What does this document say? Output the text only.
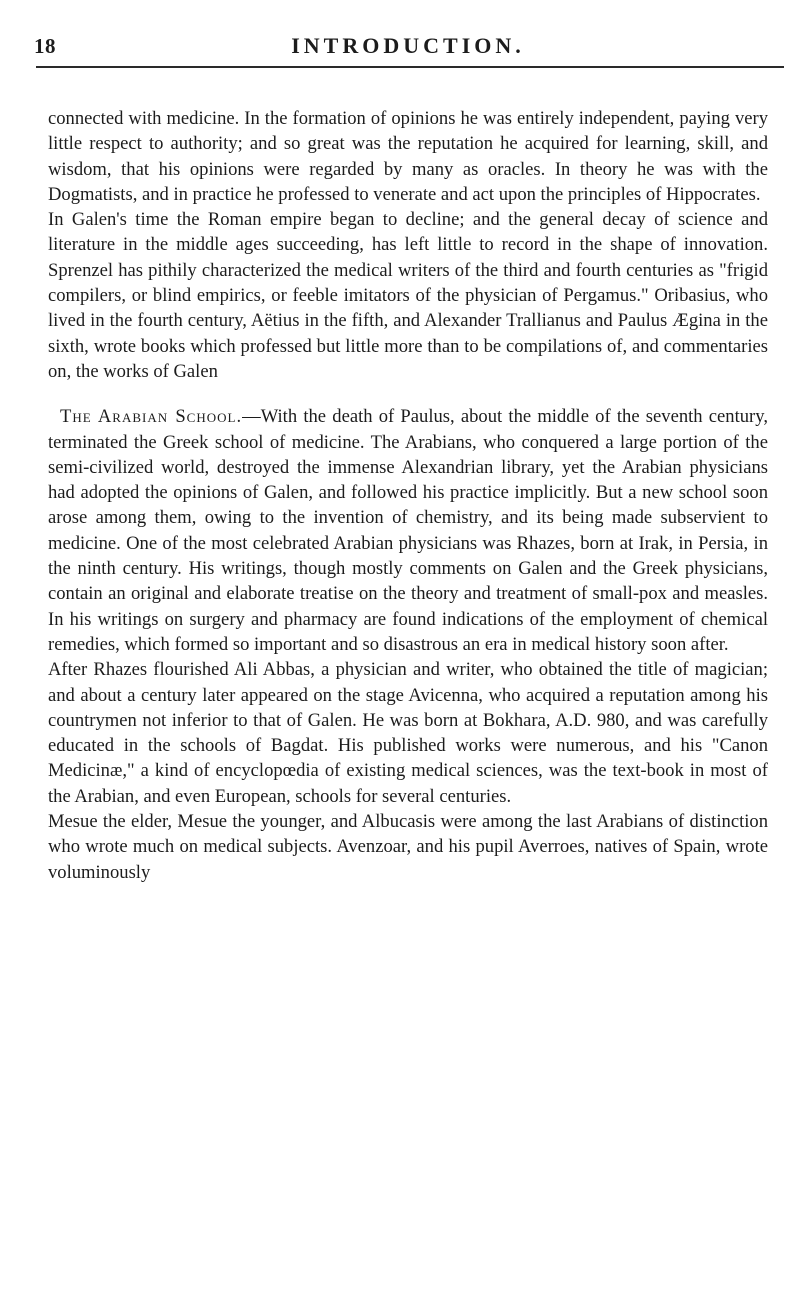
18	INTRODUCTION.

connected with medicine. In the formation of opinions he was entirely independent, paying very little respect to authority; and so great was the reputation he acquired for learning, skill, and wisdom, that his opinions were regarded by many as oracles. In theory he was with the Dogmatists, and in practice he professed to venerate and act upon the principles of Hippocrates.

In Galen's time the Roman empire began to decline; and the general decay of science and literature in the middle ages succeeding, has left little to record in the shape of innovation. Sprenzel has pithily characterized the medical writers of the third and fourth centuries as "frigid compilers, or blind empirics, or feeble imitators of the physician of Pergamus." Oribasius, who lived in the fourth century, Aëtius in the fifth, and Alexander Trallianus and Paulus Ægina in the sixth, wrote books which professed but little more than to be compilations of, and commentaries on, the works of Galen

The Arabian School.—With the death of Paulus, about the middle of the seventh century, terminated the Greek school of medicine. The Arabians, who conquered a large portion of the semi-civilized world, destroyed the immense Alexandrian library, yet the Arabian physicians had adopted the opinions of Galen, and followed his practice implicitly. But a new school soon arose among them, owing to the invention of chemistry, and its being made subservient to medicine. One of the most celebrated Arabian physicians was Rhazes, born at Irak, in Persia, in the ninth century. His writings, though mostly comments on Galen and the Greek physicians, contain an original and elaborate treatise on the theory and treatment of small-pox and measles. In his writings on surgery and pharmacy are found indications of the employment of chemical remedies, which formed so important and so disastrous an era in medical history soon after.

After Rhazes flourished Ali Abbas, a physician and writer, who obtained the title of magician; and about a century later appeared on the stage Avicenna, who acquired a reputation among his countrymen not inferior to that of Galen. He was born at Bokhara, A.D. 980, and was carefully educated in the schools of Bagdat. His published works were numerous, and his "Canon Medicinæ," a kind of encyclopœdia of existing medical sciences, was the text-book in most of the Arabian, and even European, schools for several centuries.

Mesue the elder, Mesue the younger, and Albucasis were among the last Arabians of distinction who wrote much on medical subjects. Avenzoar, and his pupil Averroes, natives of Spain, wrote voluminously
